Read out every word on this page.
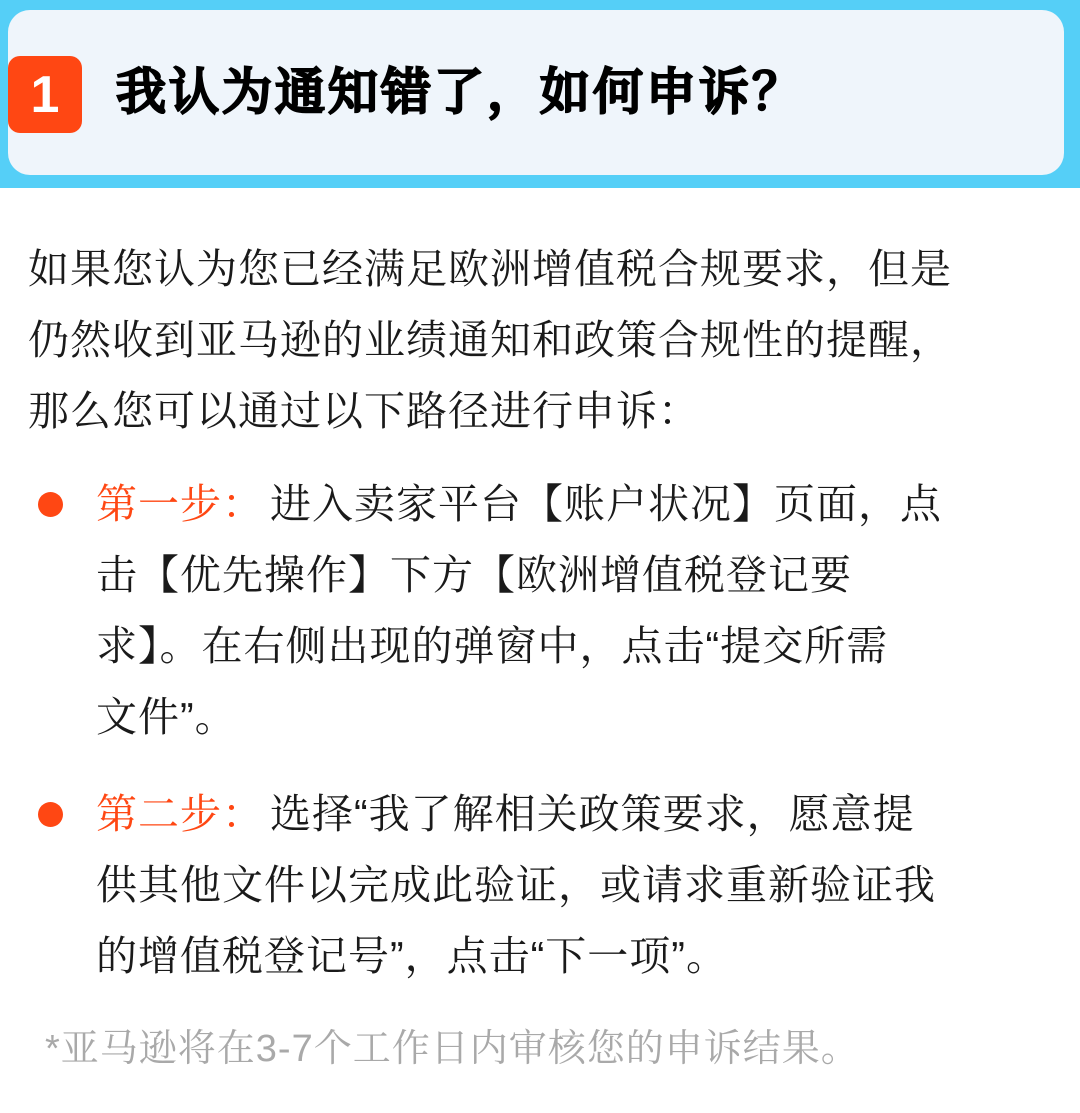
1	我认为通知错了，如何申诉？

如果您认为您已经满足欧洲增值税合规要求，但是
仍然收到亚马逊的业绩通知和政策合规性的提醒，
那么您可以通过以下路径进行申诉：

第一步： 进入卖家平台【账户状况】页面，点
击【优先操作】下方【欧洲增值税登记要
求】。在右侧出现的弹窗中，点击“提交所需
文件”。
第二步： 选择“我了解相关政策要求，愿意提
供其他文件以完成此验证，或请求重新验证我
的增值税登记号”，点击“下一项”。

*亚马逊将在3-7个工作日内审核您的申诉结果。
